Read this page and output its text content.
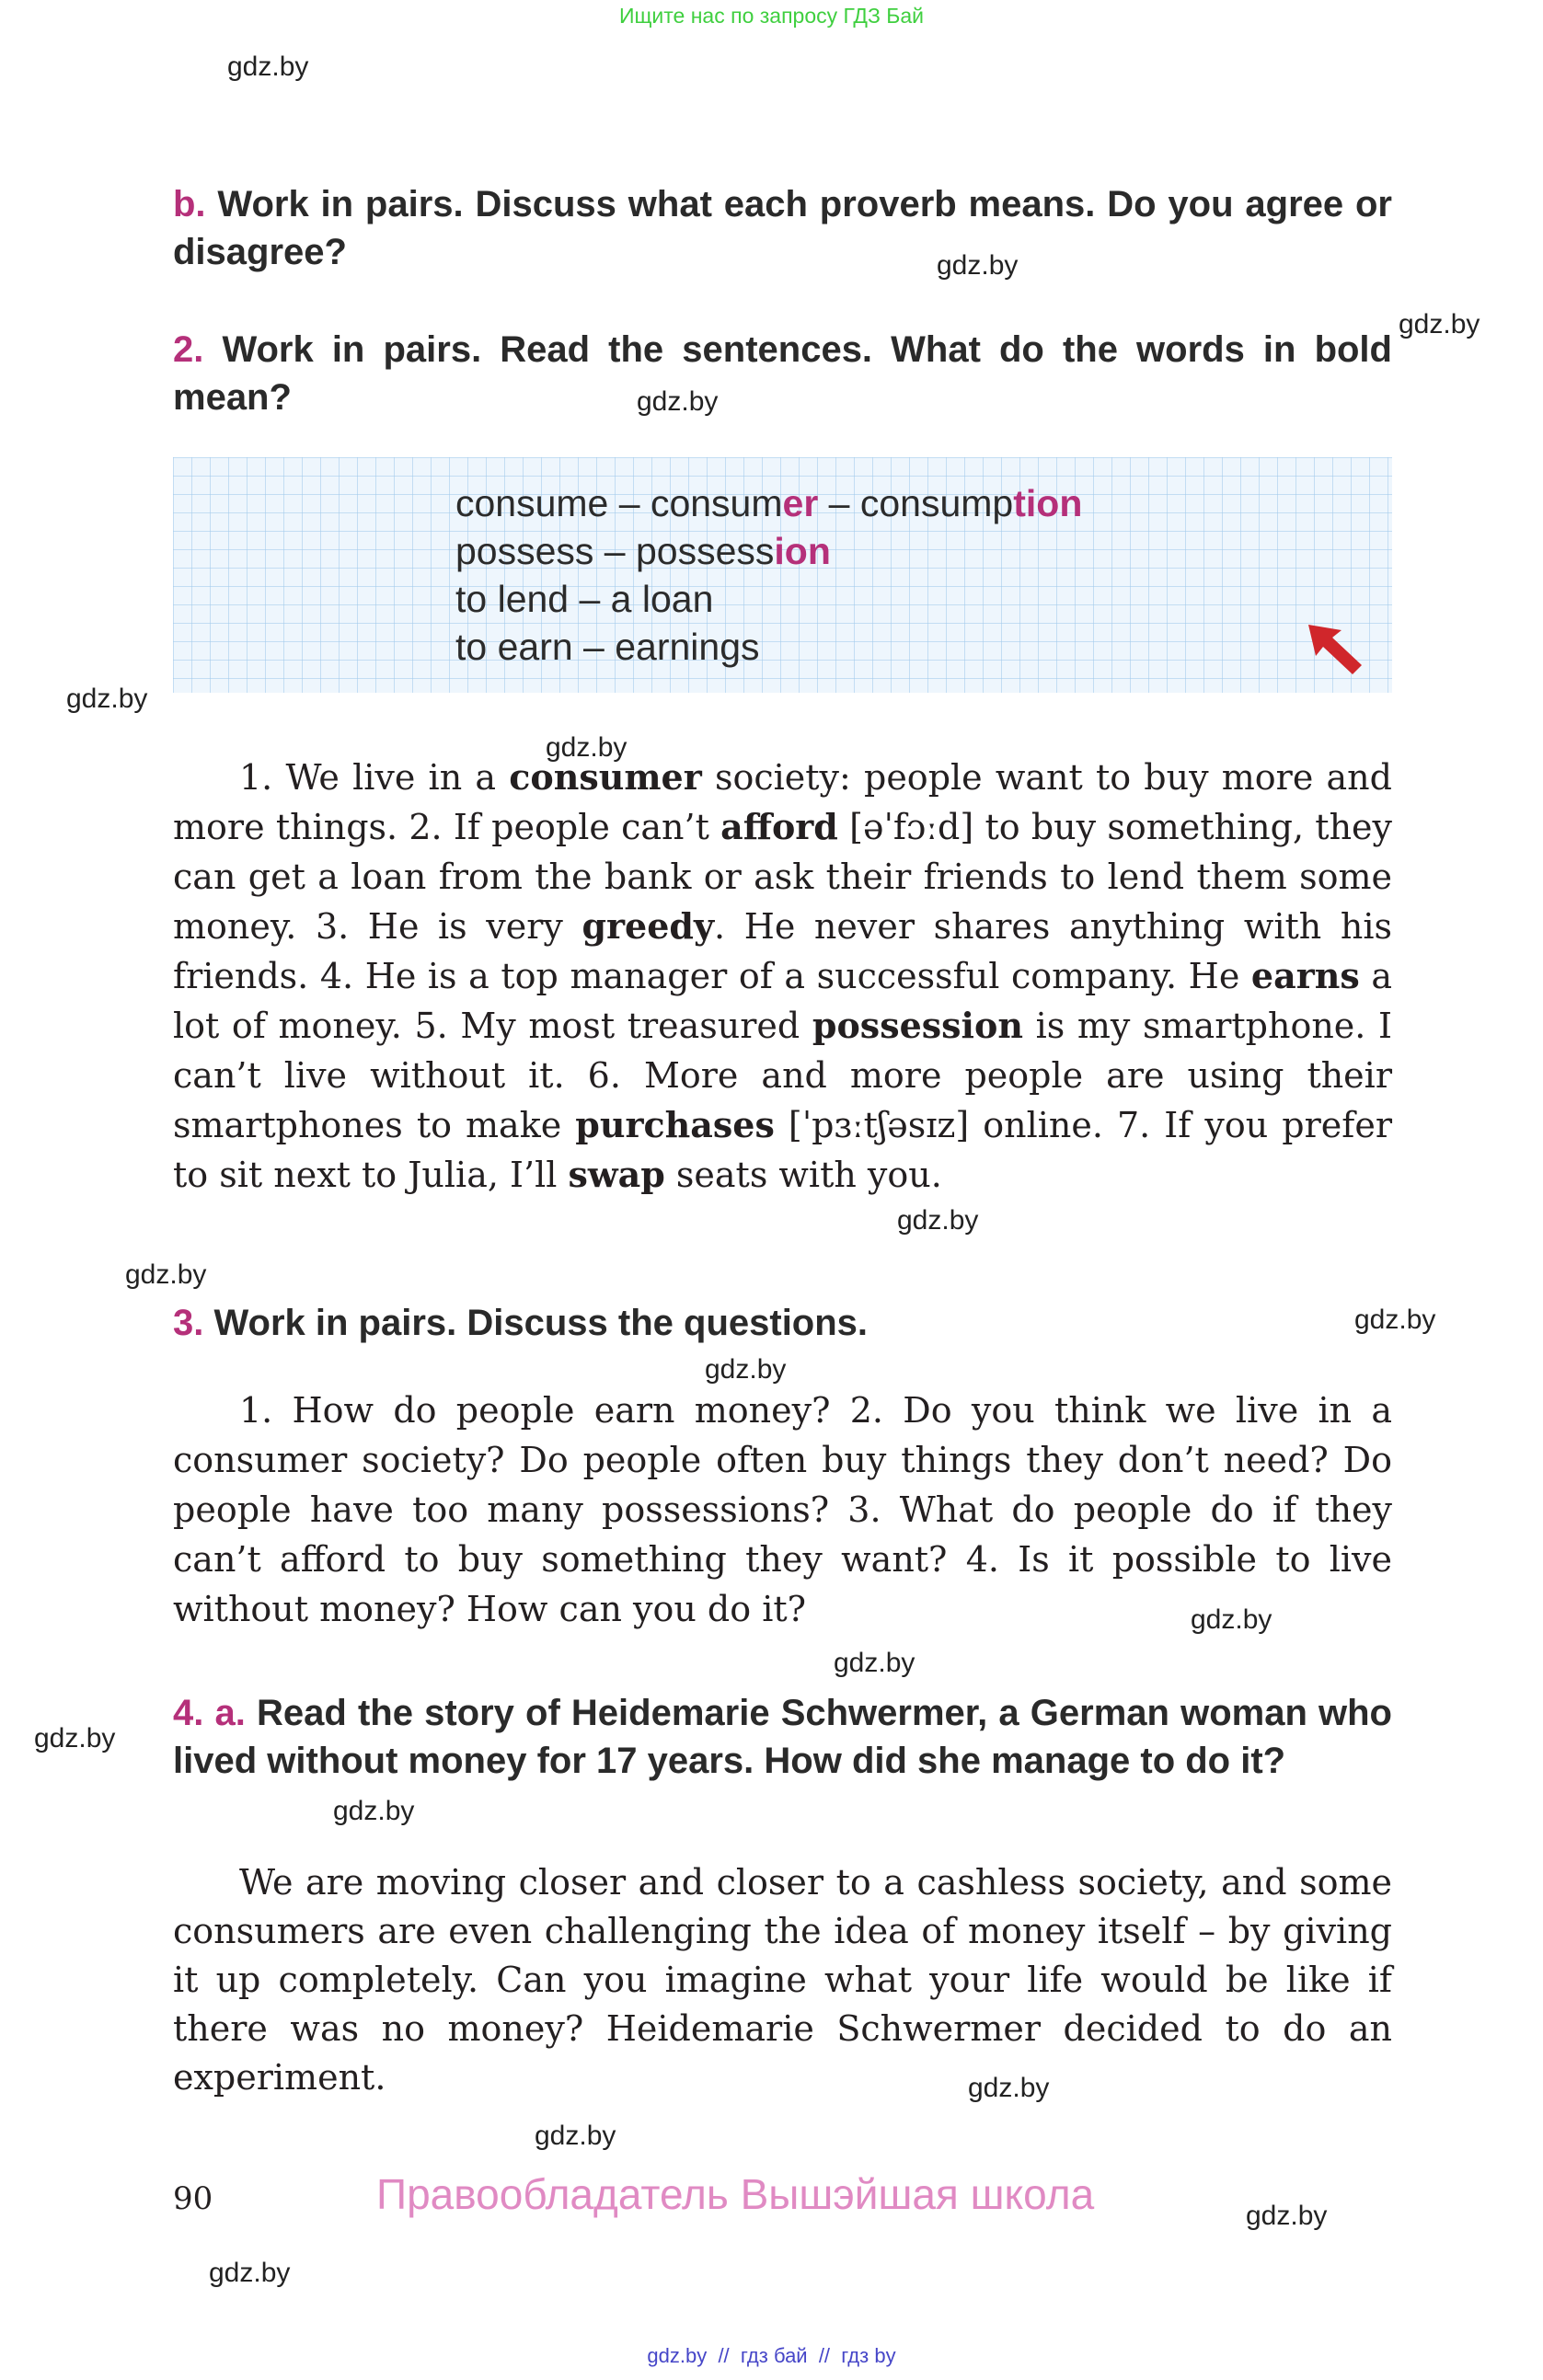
Ищите нас по запросу ГДЗ Бай
gdz.by
gdz.by
gdz.by
gdz.by
gdz.by
gdz.by
gdz.by
gdz.by
gdz.by
gdz.by
gdz.by
gdz.by
gdz.by
gdz.by
gdz.by
gdz.by
gdz.by
gdz.by
b. Work in pairs. Discuss what each proverb means. Do you agree or disagree?
2. Work in pairs. Read the sentences. What do the words in bold mean?
consume – consumer – consumption
possess – possession
to lend – a loan
to earn – earnings

1. We live in a consumer society: people want to buy more and more things. 2. If people can’t afford [əˈfɔːd] to buy something, they can get a loan from the bank or ask their friends to lend them some money. 3. He is very greedy. He never shares anything with his friends. 4. He is a top manager of a successful company. He earns a lot of money. 5. My most treasured possession is my smartphone. I can’t live without it. 6. More and more people are using their smartphones to make purchases [ˈpɜːtʃəsɪz] online. 7. If you prefer to sit next to Julia, I’ll swap seats with you.

3. Work in pairs. Discuss the questions.

1. How do people earn money? 2. Do you think we live in a consumer society? Do people often buy things they don’t need? Do people have too many possessions? 3. What do people do if they can’t afford to buy something they want? 4. Is it possible to live without money? How can you do it?

4. a. Read the story of Heidemarie Schwermer, a German woman who lived without money for 17 years. How did she manage to do it?

We are moving closer and closer to a cashless society, and some consumers are even challenging the idea of money itself – by giving it up completely. Can you imagine what your life would be like if there was no money? Heidemarie Schwermer decided to do an experiment.

90	Правообладатель Вышэйшая школа
gdz.by  //  гдз бай  //  гдз by
